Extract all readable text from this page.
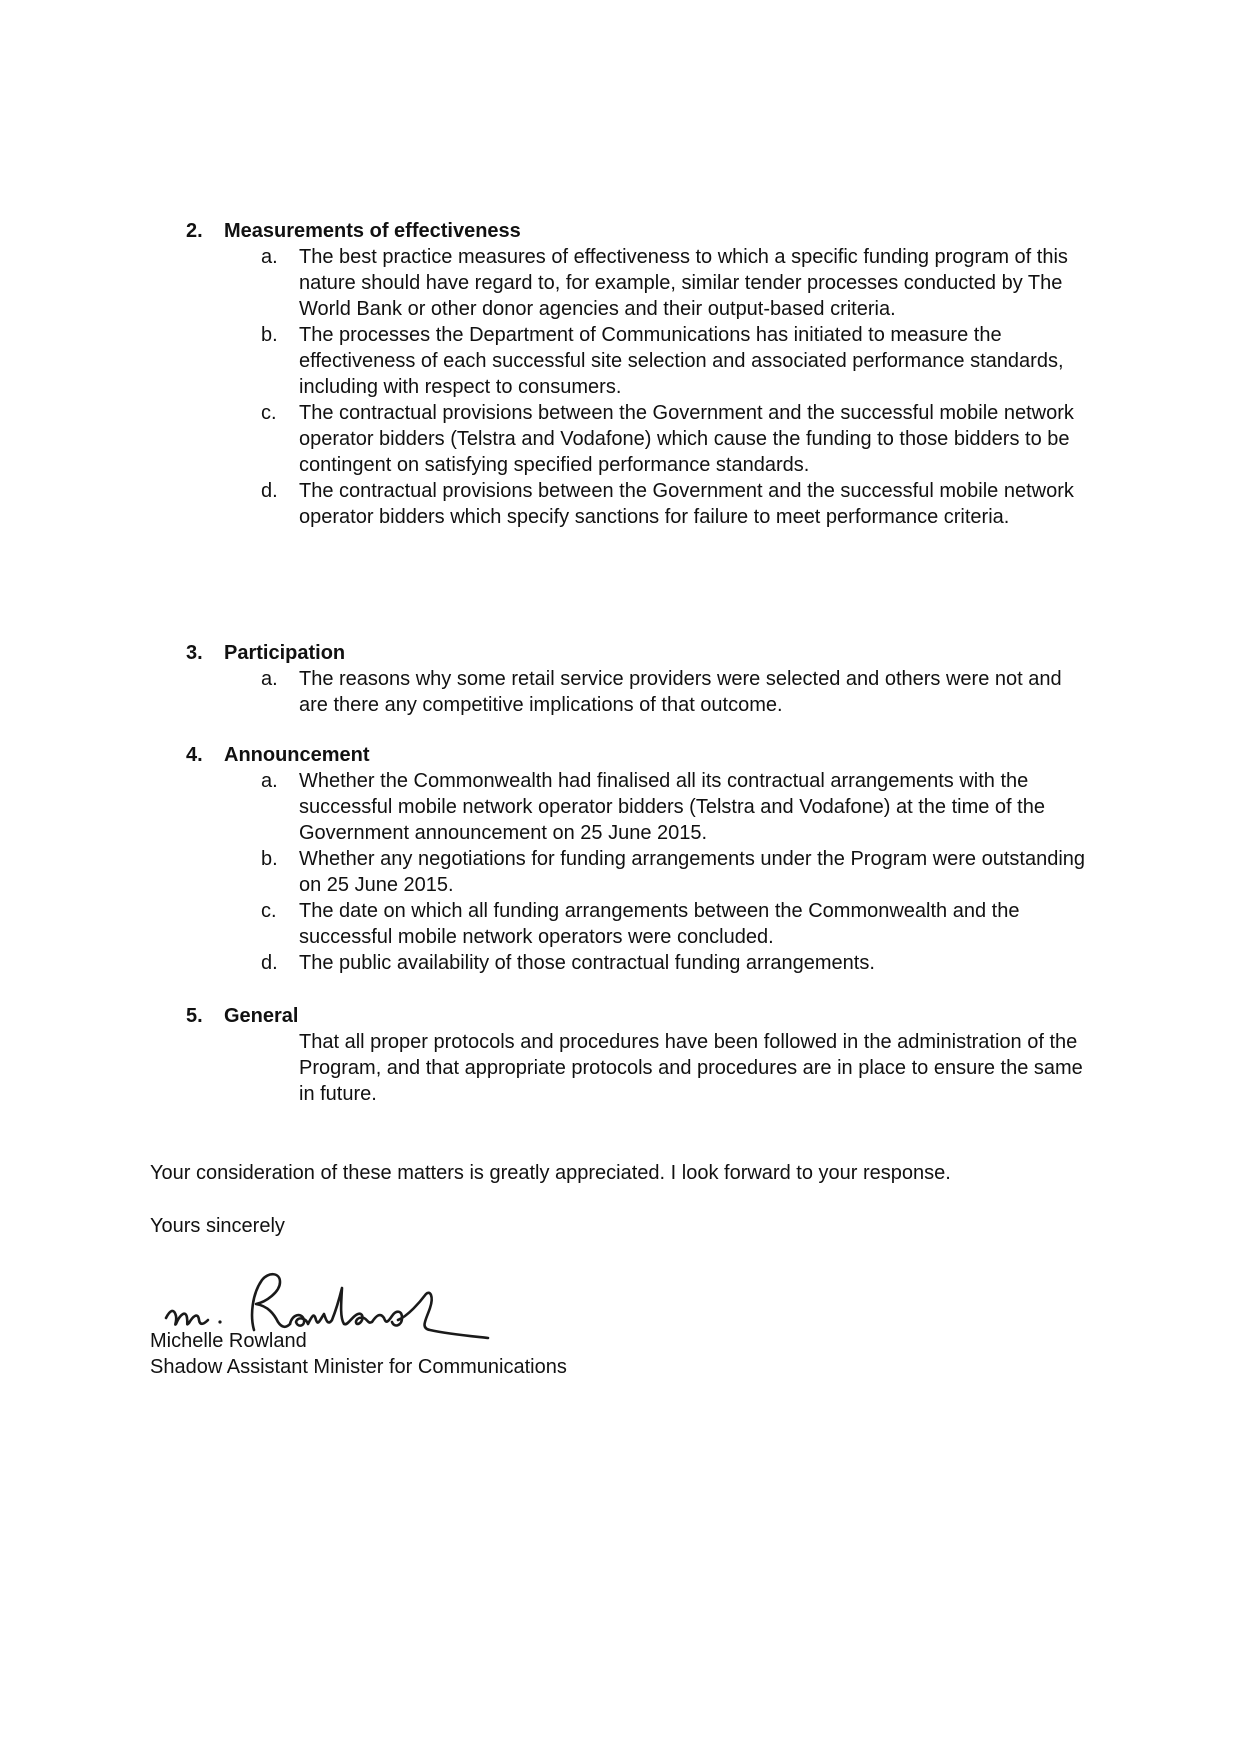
2.	Measurements of effectiveness
a.	The best practice measures of effectiveness to which a specific funding program of this nature should have regard to, for example, similar tender processes conducted by The World Bank or other donor agencies and their output-based criteria.
b.	The processes the Department of Communications has initiated to measure the effectiveness of each successful site selection and associated performance standards, including with respect to consumers.
c.	The contractual provisions between the Government and the successful mobile network operator bidders (Telstra and Vodafone) which cause the funding to those bidders to be contingent on satisfying specified performance standards.
d.	The contractual provisions between the Government and the successful mobile network operator bidders which specify sanctions for failure to meet performance criteria.
3.	Participation
a.	The reasons why some retail service providers were selected and others were not and are there any competitive implications of that outcome.
4.	Announcement
a.	Whether the Commonwealth had finalised all its contractual arrangements with the successful mobile network operator bidders (Telstra and Vodafone) at the time of the Government announcement on 25 June 2015.
b.	Whether any negotiations for funding arrangements under the Program were outstanding on 25 June 2015.
c.	The date on which all funding arrangements between the Commonwealth and the successful mobile network operators were concluded.
d.	The public availability of those contractual funding arrangements.
5.	General
That all proper protocols and procedures have been followed in the administration of the Program, and that appropriate protocols and procedures are in place to ensure the same in future.
Your consideration of these matters is greatly appreciated. I look forward to your response.
Yours sincerely
Michelle Rowland
Shadow Assistant Minister for Communications
